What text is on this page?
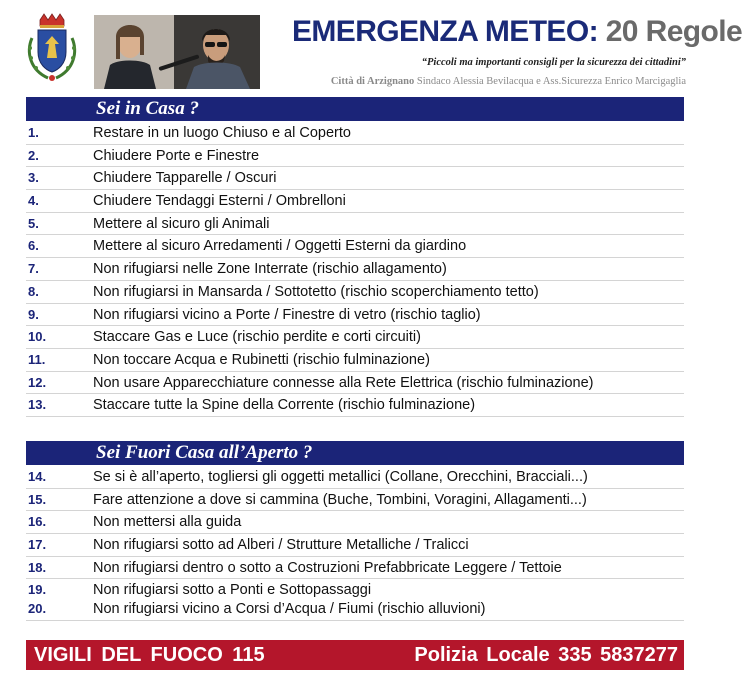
EMERGENZA METEO: 20 Regole
“Piccoli ma importanti consigli per la sicurezza dei cittadini”
Città di Arzignano Sindaco Alessia Bevilacqua e Ass.Sicurezza Enrico Marcigaglia
Sei in Casa ?
1.	Restare in un luogo Chiuso e al Coperto
2.	Chiudere Porte e Finestre
3.	Chiudere Tapparelle / Oscuri
4.	Chiudere Tendaggi Esterni / Ombrelloni
5.	Mettere al sicuro gli Animali
6.	Mettere al sicuro Arredamenti / Oggetti Esterni da giardino
7.	Non rifugiarsi nelle Zone Interrate (rischio allagamento)
8.	Non rifugiarsi in Mansarda / Sottotetto (rischio scoperchiamento tetto)
9.	Non rifugiarsi vicino a Porte / Finestre di vetro (rischio taglio)
10.	Staccare Gas e Luce (rischio perdite e corti circuiti)
11.	Non toccare Acqua e Rubinetti (rischio fulminazione)
12.	Non usare Apparecchiature connesse alla Rete Elettrica (rischio fulminazione)
13.	Staccare tutte la Spine della Corrente (rischio fulminazione)
Sei Fuori Casa all’Aperto ?
14.	Se si è all’aperto, togliersi gli oggetti metallici (Collane, Orecchini, Bracciali...)
15.	Fare attenzione a dove si cammina (Buche, Tombini, Voragini, Allagamenti...)
16.	Non mettersi alla guida
17.	Non rifugiarsi sotto ad Alberi / Strutture Metalliche / Tralicci
18.	Non rifugiarsi dentro o sotto a Costruzioni Prefabbricate Leggere / Tettoie
19.	Non rifugiarsi sotto a Ponti e Sottopassaggi
20.	Non rifugiarsi vicino a Corsi d’Acqua / Fiumi (rischio alluvioni)
VIGILI DEL FUOCO 115	Polizia Locale 335 5837277
